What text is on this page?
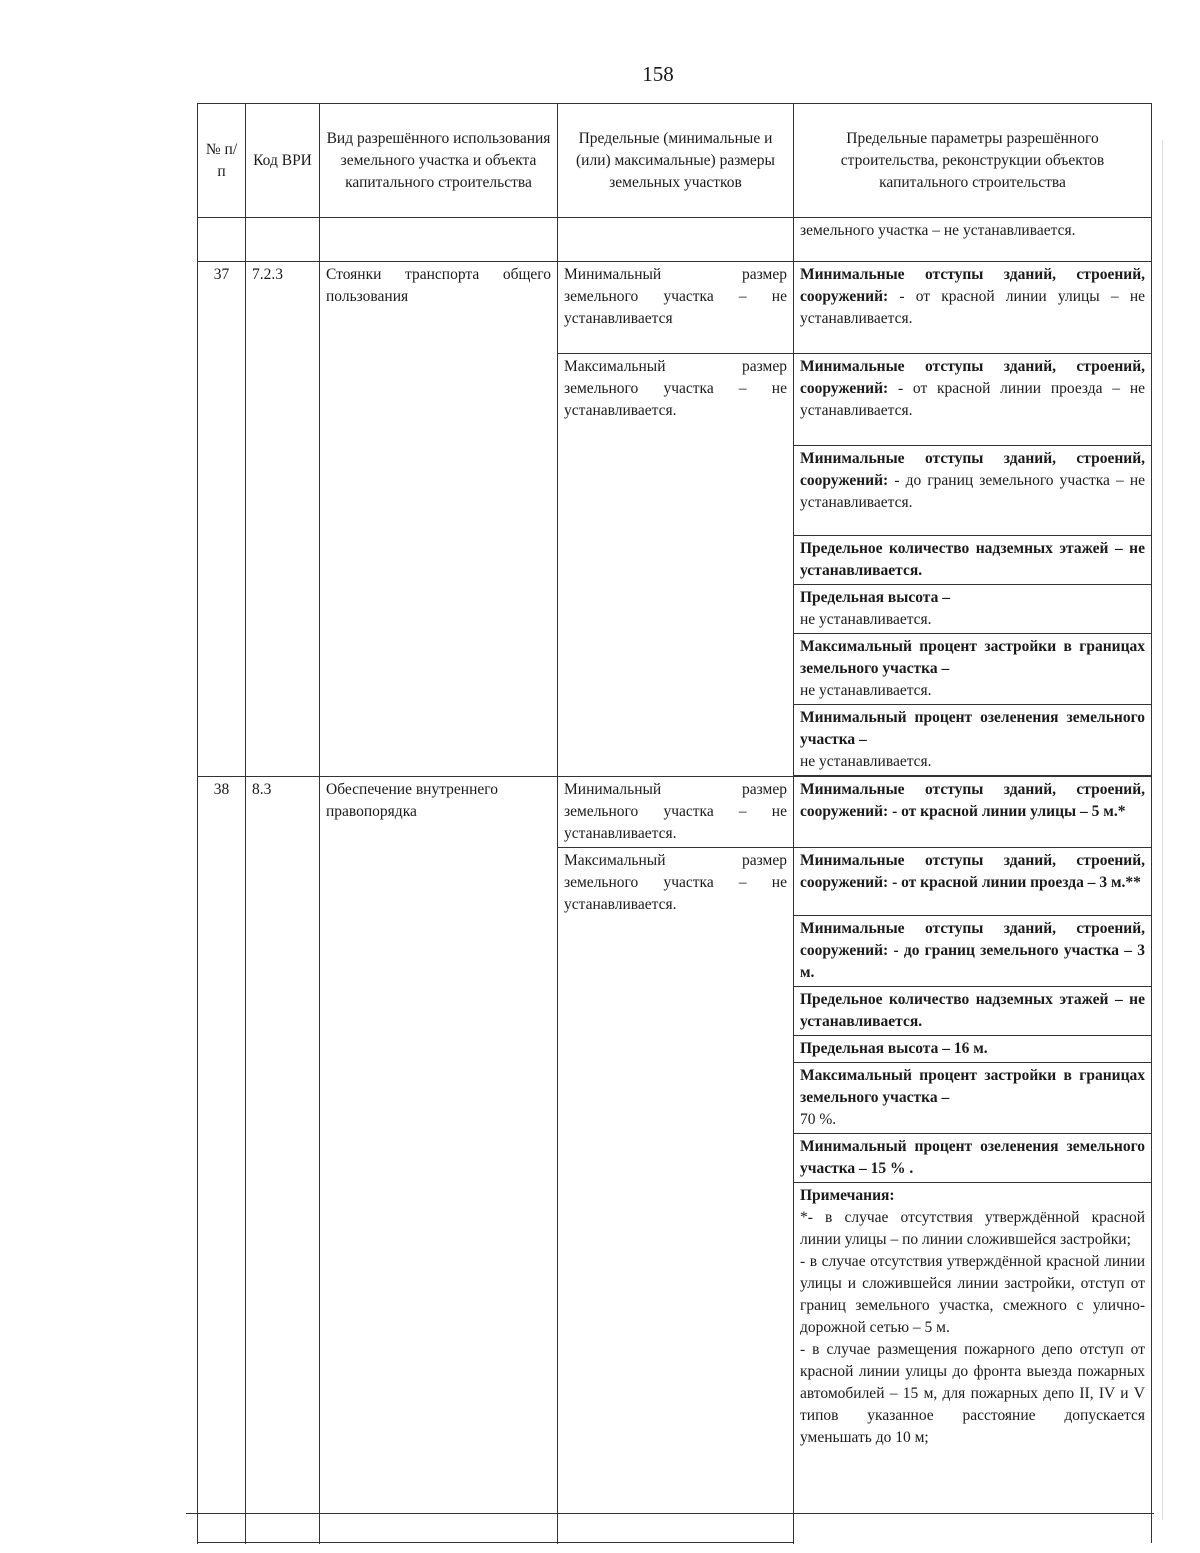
158
№ п/п	Код ВРИ	Вид разрешённого использования земельного участка и объекта капитального строительства	Предельные (минимальные и (или) максимальные) размеры земельных участков	Предельные параметры разрешённого строительства, реконструкции объектов капитального строительства
				земельного участка – не устанавливается.
37	7.2.3	Стоянки транспорта общего пользования	Минимальный размер земельного участка – не устанавливается	Минимальные отступы зданий, строений, сооружений: - от красной линии улицы – не устанавливается.
			Максимальный размер земельного участка – не устанавливается.	Минимальные отступы зданий, строений, сооружений: - от красной линии проезда – не устанавливается.
				Минимальные отступы зданий, строений, сооружений: - до границ земельного участка – не устанавливается.
				Предельное количество надземных этажей – не устанавливается.
				Предельная высота –
не устанавливается.
				Максимальный процент застройки в границах земельного участка –
не устанавливается.
				Минимальный процент озеленения земельного участка –
не устанавливается.

38	8.3	Обеспечение внутреннего правопорядка	Минимальный размер земельного участка – не устанавливается.	Минимальные отступы зданий, строений, сооружений: - от красной линии улицы – 5 м.*
			Максимальный размер земельного участка – не устанавливается.	Минимальные отступы зданий, строений, сооружений: - от красной линии проезда – 3 м.**
				Минимальные отступы зданий, строений, сооружений: - до границ земельного участка – 3 м.
				Предельное количество надземных этажей – не устанавливается.
				Предельная высота – 16 м.
				Максимальный процент застройки в границах земельного участка –
70 %.
				Минимальный процент озеленения земельного участка – 15 % .
				Примечания:
*- в случае отсутствия утверждённой красной линии улицы – по линии сложившейся застройки;
- в случае отсутствия утверждённой красной линии улицы и сложившейся линии застройки, отступ от границ земельного участка, смежного с улично-дорожной сетью – 5 м.
- в случае размещения пожарного депо отступ от красной линии улицы до фронта выезда пожарных автомобилей – 15 м, для пожарных депо II, IV и V типов указанное расстояние допускается уменьшать до 10 м;
